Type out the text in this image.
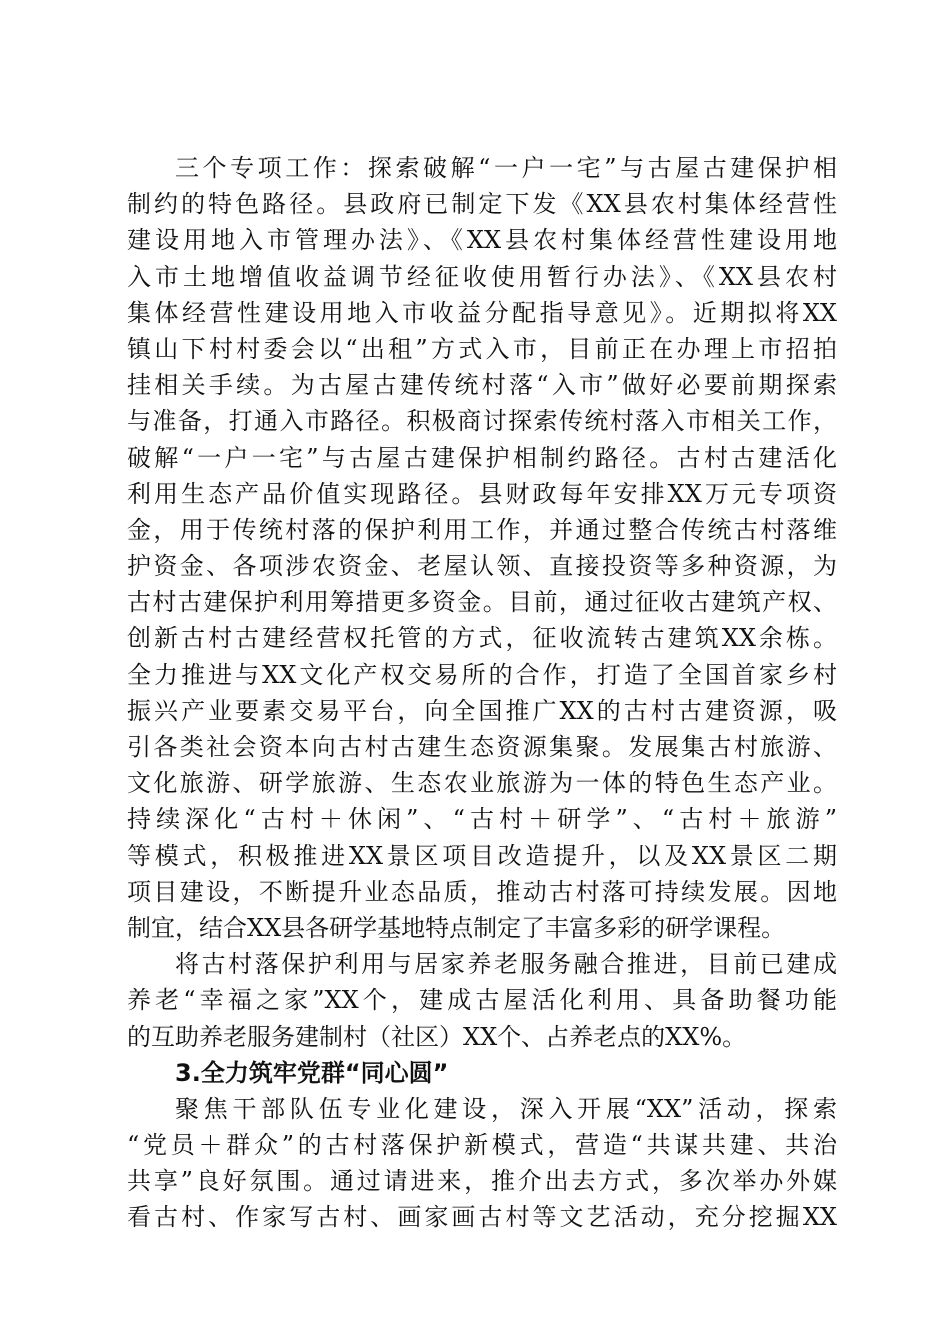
三个专项工作：探索破解“一户一宅”与古屋古建保护相
制约的特色路径。县政府已制定下发《XX县农村集体经营性
建设用地入市管理办法》、《XX县农村集体经营性建设用地
入市土地增值收益调节经征收使用暂行办法》、《XX县农村
集体经营性建设用地入市收益分配指导意见》。近期拟将XX
镇山下村村委会以“出租”方式入市，目前正在办理上市招拍
挂相关手续。为古屋古建传统村落“入市”做好必要前期探索
与准备，打通入市路径。积极商讨探索传统村落入市相关工作，
破解“一户一宅”与古屋古建保护相制约路径。古村古建活化
利用生态产品价值实现路径。县财政每年安排XX万元专项资
金，用于传统村落的保护利用工作，并通过整合传统古村落维
护资金、各项涉农资金、老屋认领、直接投资等多种资源，为
古村古建保护利用筹措更多资金。目前，通过征收古建筑产权、
创新古村古建经营权托管的方式，征收流转古建筑XX余栋。
全力推进与XX文化产权交易所的合作，打造了全国首家乡村
振兴产业要素交易平台，向全国推广XX的古村古建资源，吸
引各类社会资本向古村古建生态资源集聚。发展集古村旅游、
文化旅游、研学旅游、生态农业旅游为一体的特色生态产业。
持续深化“古村＋休闲”、“古村＋研学”、“古村＋旅游”
等模式，积极推进XX景区项目改造提升，以及XX景区二期
项目建设，不断提升业态品质，推动古村落可持续发展。因地
制宜，结合XX县各研学基地特点制定了丰富多彩的研学课程。
将古村落保护利用与居家养老服务融合推进，目前已建成
养老“幸福之家”XX个，建成古屋活化利用、具备助餐功能
的互助养老服务建制村（社区）XX个、占养老点的XX%。
3.全力筑牢党群“同心圆”
聚焦干部队伍专业化建设，深入开展“XX”活动，探索
“党员＋群众”的古村落保护新模式，营造“共谋共建、共治
共享”良好氛围。通过请进来，推介出去方式，多次举办外媒
看古村、作家写古村、画家画古村等文艺活动，充分挖掘XX
